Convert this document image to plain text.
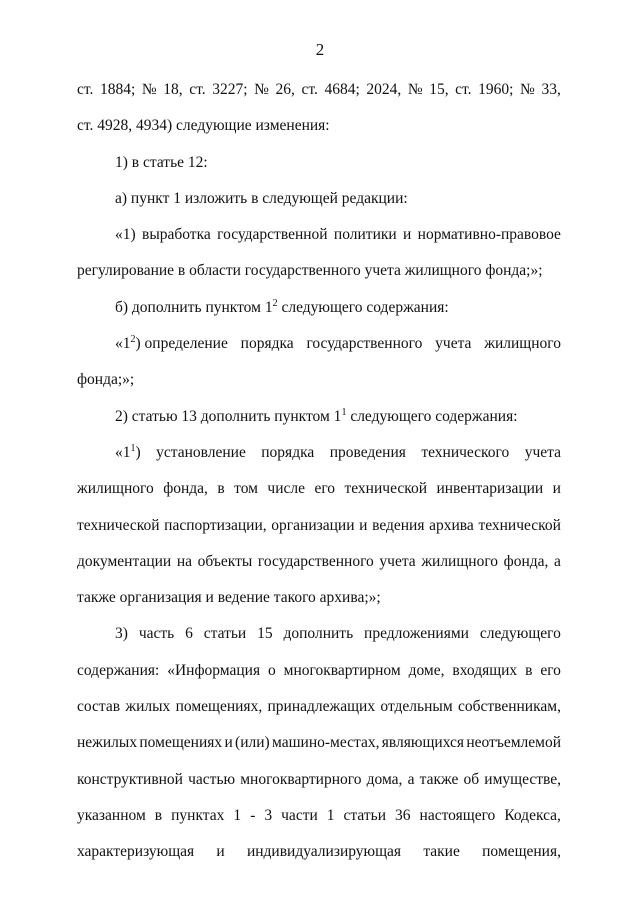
2
ст. 1884; № 18, ст. 3227; № 26, ст. 4684; 2024, № 15, ст. 1960; № 33,
ст. 4928, 4934) следующие изменения:
1) в статье 12:
а) пункт 1 изложить в следующей редакции:
«1) выработка государственной политики и нормативно-правовое
регулирование в области государственного учета жилищного фонда;»;
б) дополнить пунктом $1^2$ следующего содержания:
«$1^2$) определение порядка государственного учета жилищного
фонда;»;
2) статью 13 дополнить пунктом $1^1$ следующего содержания:
«$1^1$) установление порядка проведения технического учета
жилищного фонда, в том числе его технической инвентаризации и
технической паспортизации, организации и ведения архива технической
документации на объекты государственного учета жилищного фонда, а
также организация и ведение такого архива;»;
3) часть 6 статьи 15 дополнить предложениями следующего
содержания: «Информация о многоквартирном доме, входящих в его
состав жилых помещениях, принадлежащих отдельным собственникам,
нежилых помещениях и (или) машино-местах, являющихся неотъемлемой
конструктивной частью многоквартирного дома, а также об имуществе,
указанном в пунктах 1 - 3 части 1 статьи 36 настоящего Кодекса,
характеризующая и индивидуализирующая такие помещения,
